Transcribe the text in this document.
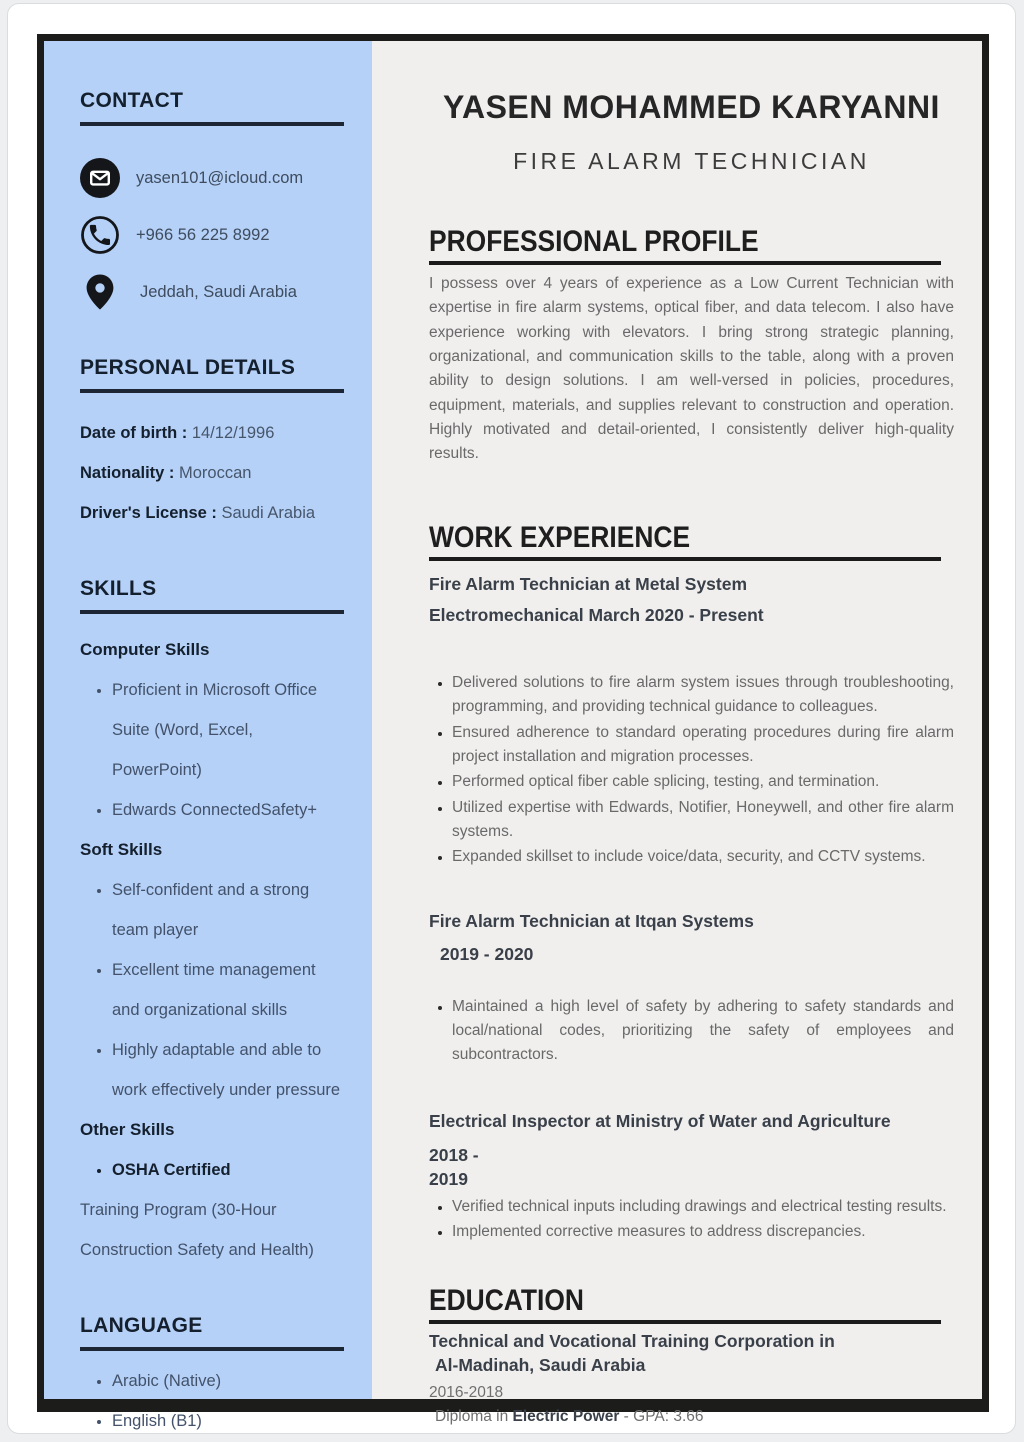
CONTACT
yasen101@icloud.com
+966 56 225 8992
Jeddah, Saudi Arabia
PERSONAL DETAILS
Date of birth : 14/12/1996
Nationality : Moroccan
Driver's License : Saudi Arabia
SKILLS
Computer Skills
• Proficient in Microsoft Office Suite (Word, Excel, PowerPoint)
• Edwards ConnectedSafety+
Soft Skills
• Self-confident and a strong team player
• Excellent time management and organizational skills
• Highly adaptable and able to work effectively under pressure
Other Skills
• OSHA Certified
Training Program (30-Hour Construction Safety and Health)
LANGUAGE
• Arabic (Native)
• English (B1)
YASEN MOHAMMED KARYANNI
FIRE ALARM TECHNICIAN
PROFESSIONAL PROFILE

I possess over 4 years of experience as a Low Current Technician with expertise in fire alarm systems, optical fiber, and data telecom. I also have experience working with elevators. I bring strong strategic planning, organizational, and communication skills to the table, along with a proven ability to design solutions. I am well-versed in policies, procedures, equipment, materials, and supplies relevant to construction and operation. Highly motivated and detail-oriented, I consistently deliver high-quality results.

WORK EXPERIENCE
Fire Alarm Technician at Metal System
Electromechanical March 2020 - Present
• Delivered solutions to fire alarm system issues through troubleshooting, programming, and providing technical guidance to colleagues.
• Ensured adherence to standard operating procedures during fire alarm project installation and migration processes.
• Performed optical fiber cable splicing, testing, and termination.
• Utilized expertise with Edwards, Notifier, Honeywell, and other fire alarm systems.
• Expanded skillset to include voice/data, security, and CCTV systems.
Fire Alarm Technician at Itqan Systems
2019 - 2020
• Maintained a high level of safety by adhering to safety standards and local/national codes, prioritizing the safety of employees and subcontractors.
Electrical Inspector at Ministry of Water and Agriculture
2018 -
2019
• Verified technical inputs including drawings and electrical testing results.
• Implemented corrective measures to address discrepancies.
EDUCATION
Technical and Vocational Training Corporation in
Al-Madinah, Saudi Arabia
2016-2018
Diploma in Electric Power - GPA: 3.66
